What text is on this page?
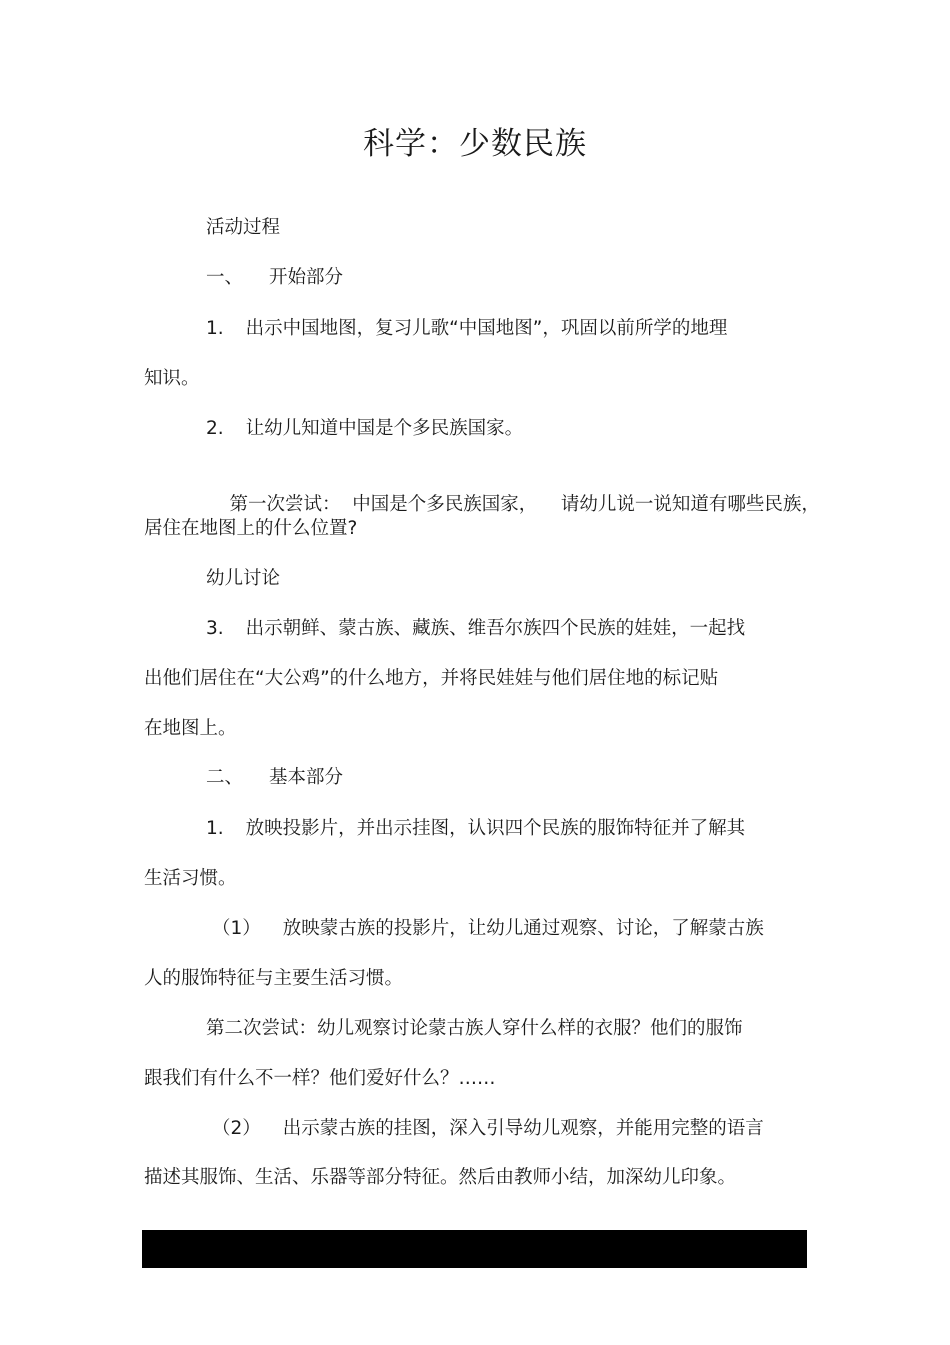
科学：少数民族
活动过程
一、 开始部分
1. 出示中国地图，复习儿歌“中国地图”，巩固以前所学的地理
知识。
2. 让幼儿知道中国是个多民族国家。

第一次尝试：  中国是个多民族国家，    请幼儿说一说知道有哪些民族，

居住在地图上的什么位置?
幼儿讨论
3. 出示朝鲜、蒙古族、藏族、维吾尔族四个民族的娃娃，一起找
出他们居住在“大公鸡”的什么地方，并将民娃娃与他们居住地的标记贴
在地图上。
二、 基本部分
1. 放映投影片，并出示挂图，认识四个民族的服饰特征并了解其
生活习惯。
（1） 放映蒙古族的投影片，让幼儿通过观察、讨论，了解蒙古族
人的服饰特征与主要生活习惯。
第二次尝试：幼儿观察讨论蒙古族人穿什么样的衣服？他们的服饰
跟我们有什么不一样？他们爱好什么？……
（2） 出示蒙古族的挂图，深入引导幼儿观察，并能用完整的语言
描述其服饰、生活、乐器等部分特征。然后由教师小结，加深幼儿印象。
